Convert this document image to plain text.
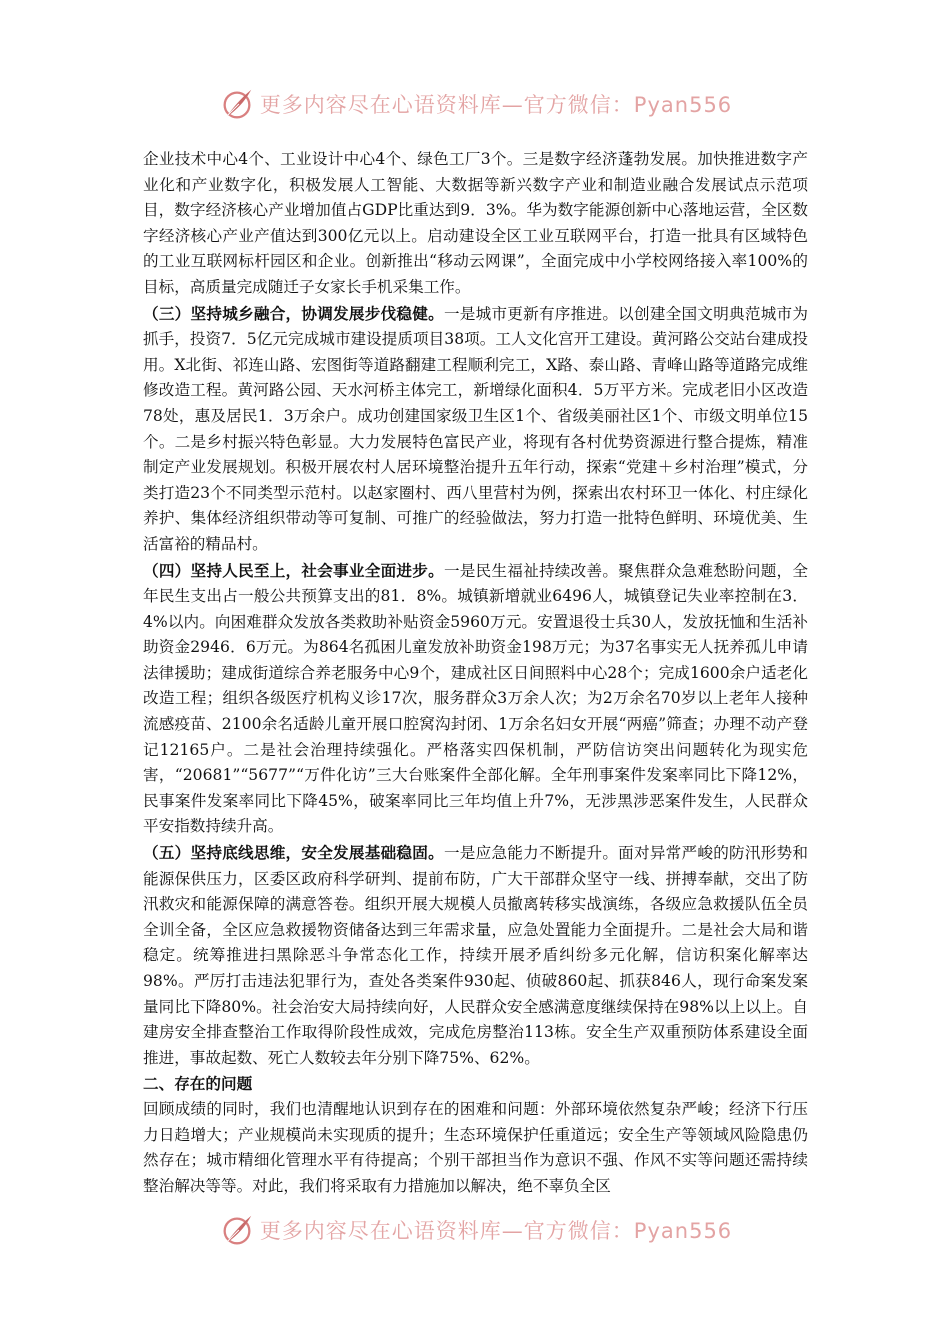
更多内容尽在心语资料库—官方微信：Pyan556

企业技术中心4个、工业设计中心4个、绿色工厂3个。三是数字经济蓬勃发展。加快推进数字产业化和产业数字化，积极发展人工智能、大数据等新兴数字产业和制造业融合发展试点示范项目，数字经济核心产业增加值占GDP比重达到9．3%。华为数字能源创新中心落地运营，全区数字经济核心产业产值达到300亿元以上。启动建设全区工业互联网平台，打造一批具有区域特色的工业互联网标杆园区和企业。创新推出“移动云网课”，全面完成中小学校网络接入率100%的目标，高质量完成随迁子女家长手机采集工作。

（三）坚持城乡融合，协调发展步伐稳健。一是城市更新有序推进。以创建全国文明典范城市为抓手，投资7．5亿元完成城市建设提质项目38项。工人文化宫开工建设。黄河路公交站台建成投用。X北街、祁连山路、宏图街等道路翻建工程顺利完工，X路、泰山路、青峰山路等道路完成维修改造工程。黄河路公园、天水河桥主体完工，新增绿化面积4．5万平方米。完成老旧小区改造78处，惠及居民1．3万余户。成功创建国家级卫生区1个、省级美丽社区1个、市级文明单位15个。二是乡村振兴特色彰显。大力发展特色富民产业，将现有各村优势资源进行整合提炼，精准制定产业发展规划。积极开展农村人居环境整治提升五年行动，探索“党建＋乡村治理”模式，分类打造23个不同类型示范村。以赵家圈村、西八里营村为例，探索出农村环卫一体化、村庄绿化养护、集体经济组织带动等可复制、可推广的经验做法，努力打造一批特色鲜明、环境优美、生活富裕的精品村。

（四）坚持人民至上，社会事业全面进步。一是民生福祉持续改善。聚焦群众急难愁盼问题，全年民生支出占一般公共预算支出的81．8%。城镇新增就业6496人，城镇登记失业率控制在3．4%以内。向困难群众发放各类救助补贴资金5960万元。安置退役士兵30人，发放抚恤和生活补助资金2946．6万元。为864名孤困儿童发放补助资金198万元；为37名事实无人抚养孤儿申请法律援助；建成街道综合养老服务中心9个，建成社区日间照料中心28个；完成1600余户适老化改造工程；组织各级医疗机构义诊17次，服务群众3万余人次；为2万余名70岁以上老年人接种流感疫苗、2100余名适龄儿童开展口腔窝沟封闭、1万余名妇女开展“两癌”筛查；办理不动产登记12165户。二是社会治理持续强化。严格落实四保机制，严防信访突出问题转化为现实危害，“20681”“5677”“万件化访”三大台账案件全部化解。全年刑事案件发案率同比下降12%，民事案件发案率同比下降45%，破案率同比三年均值上升7%，无涉黑涉恶案件发生，人民群众平安指数持续升高。

（五）坚持底线思维，安全发展基础稳固。一是应急能力不断提升。面对异常严峻的防汛形势和能源保供压力，区委区政府科学研判、提前布防，广大干部群众坚守一线、拼搏奉献，交出了防汛救灾和能源保障的满意答卷。组织开展大规模人员撤离转移实战演练，各级应急救援队伍全员全训全备，全区应急救援物资储备达到三年需求量，应急处置能力全面提升。二是社会大局和谐稳定。统筹推进扫黑除恶斗争常态化工作，持续开展矛盾纠纷多元化解，信访积案化解率达98%。严厉打击违法犯罪行为，查处各类案件930起、侦破860起、抓获846人，现行命案发案量同比下降80%。社会治安大局持续向好，人民群众安全感满意度继续保持在98%以上以上。自建房安全排查整治工作取得阶段性成效，完成危房整治113栋。安全生产双重预防体系建设全面推进，事故起数、死亡人数较去年分别下降75%、62%。

二、存在的问题

回顾成绩的同时，我们也清醒地认识到存在的困难和问题：外部环境依然复杂严峻；经济下行压力日趋增大；产业规模尚未实现质的提升；生态环境保护任重道远；安全生产等领域风险隐患仍然存在；城市精细化管理水平有待提高；个别干部担当作为意识不强、作风不实等问题还需持续整治解决等等。对此，我们将采取有力措施加以解决，绝不辜负全区

更多内容尽在心语资料库—官方微信：Pyan556
